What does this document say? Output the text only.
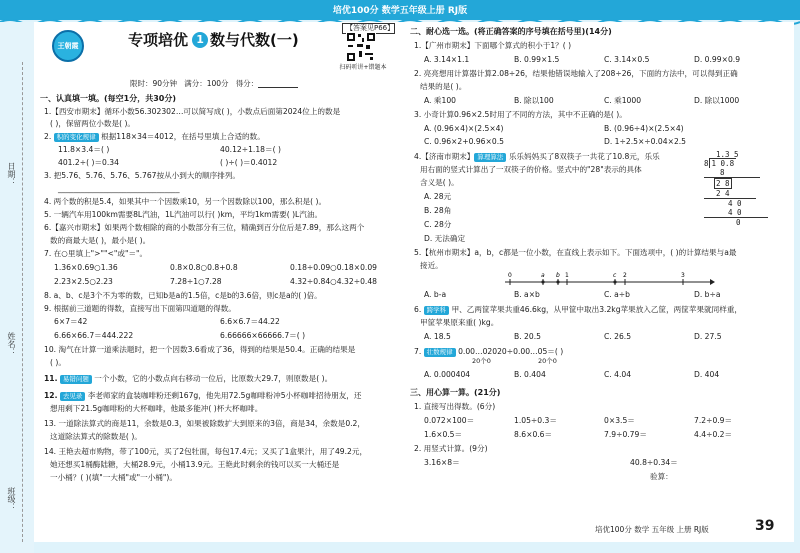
培优100分 数学五年级上册 RJ版
日期：
姓名：
班级：
王朝霞	专项培优 1 数与代数(一)
【答案见P66】
扫码听讲+错题本
限时：90分钟 满分：100分 得分：
一、认真填一填。(每空1分，共30分)
1.【西安市期末】循环小数56.302302…可以简写成( )，小数点后面第2024位上的数是
( )，保留两位小数是( )。
2. 积的变化规律 根据118×34＝4012，在括号里填上合适的数。
11.8×3.4＝( )	40.12÷1.18＝( )
401.2÷( )＝0.34	( )÷( )＝0.4012
3. 把5.76、5.7̇6̇、5.7̇6、5.767按从小到大的顺序排列。
________________________________
4. 两个数的积是5.4，如果其中一个因数乘10，另一个因数除以100，那么积是( )。
5. 一辆汽车用100km需要8L汽油，1L汽油可以行( )km，平均1km需要( )L汽油。
6.【嘉兴市期末】如果两个数相除的商的小数部分有三位，精确到百分位后是7.89，那么这两个
数的商最大是( )，最小是( )。
7. 在○里填上">""<"或"＝"。
1.36×0.69○1.36	0.8×0.8○0.8+0.8	0.18÷0.09○0.18×0.09
2.23×2.5○2.23	7.28÷1○7.28	4.32÷0.84○4.32÷0.48
8. a、b、c是3个不为零的数，已知b是a的1.5倍，c是b的3.6倍，则c是a的( )倍。
9. 根据前三道题的得数，直接写出下面第四道题的得数。
6×7＝42	6.6×6.7＝44.22
6.66×66.7＝444.222	6.66666×66666.7＝( )
10. 淘气在计算一道乘法题时，把一个因数3.6看成了36，得到的结果是50.4。正确的结果是
( )。
11. 易错问题 一个小数，它的小数点向右移动一位后，比原数大29.7，则原数是( )。
12. 去见录 李老师家的盒装咖啡粉还剩167g，他先用72.5g咖啡粉冲5小杯咖啡招待朋友，还
想用剩下21.5g咖啡粉的大杯咖啡，他最多能冲( )杯大杯咖啡。
13. 一道除法算式的商是11，余数是0.3，如果被除数扩大到原来的3倍，商是34，余数是0.2，
这道除法算式的除数是( )。
14. 王艳去超市购物，带了100元，买了2包牡面，每包17.4元；又买了1盒果汁，用了49.2元，
她还想买1桶酶陆糖，大桶28.9元，小桶13.9元。王艳此时剩余的钱可以买一大桶还是
一小桶？( )(填"一大桶"或"一小桶")。
二、耐心选一选。(将正确答案的序号填在括号里)(14分)
1.【广州市期末】下面哪个算式的积小于1？( )
A. 3.14×1.1	B. 0.99×1.5	C. 3.14×0.5	D. 0.99×0.9
2. 亮亮想用计算器计算2.08÷26，结果他错误地输入了208÷26，下面的方法中，可以得到正确
结果的是( )。
A. 乘100	B. 除以100	C. 乘1000	D. 除以1000
3. 小奇计算0.96×2.5时用了不同的方法，其中不正确的是( )。
A. (0.96×4)×(2.5×4)	B. (0.96÷4)×(2.5×4)
C. 0.96×2+0.96×0.5	D. 1÷2.5×÷0.04×2.5
4.【济南市期末】 算理算法 乐乐妈妈买了8双筷子一共花了10.8元，乐乐
用右面的竖式计算出了一双筷子的价格。竖式中的"28"表示的具体
含义是( )。
A. 28元
B. 28角
C. 28分
D. 无法确定
5.【杭州市期末】a，b，c都是一位小数，在直线上表示如下。下面选项中，( )的计算结果与a最
接近。
A. b-a	B. a×b	C. a÷b	D. b÷a
6. 跨学科 甲、乙两筐苹果共重46.6kg，从甲筐中取出3.2kg苹果放入乙筐，两筐苹果就同样重，
甲筐苹果原来重( )kg。
A. 18.5	B. 20.5	C. 26.5	D. 27.5
7. 壮数规律 0.00…02020÷0.00…05＝( )
20个0	20个0
A. 0.000404	B. 0.404	C. 4.04	D. 404
三、用心算一算。(21分)
1. 直接写出得数。(6分)
0.072×100＝	1.05÷0.3＝	0×3.5＝	7.2÷0.9＝
1.6×0.5＝	8.6×0.6＝	7.9÷0.79＝	4.4÷0.2＝
2. 用竖式计算。(9分)
3.16×8＝	40.8÷0.34＝
验算：
1.3 5
8 1 0.8
8
2 8
2 4
4 0
4 0
0
0	a b 1	c 2	3
培优100分 数学 五年级 上册 RJ版	39
